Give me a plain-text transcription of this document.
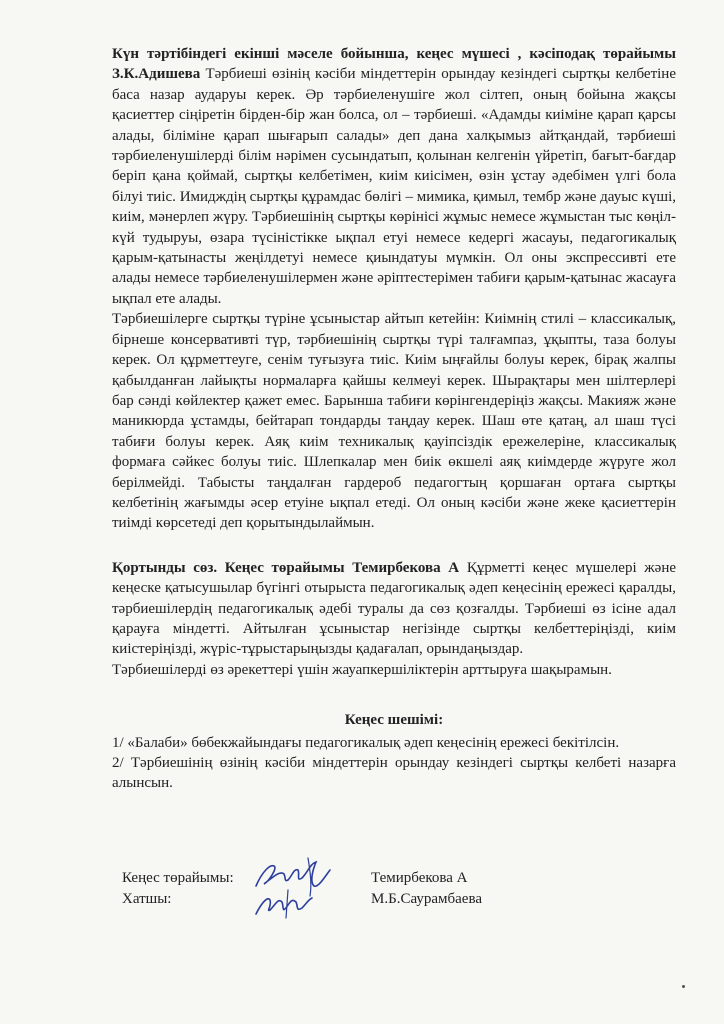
Күн тәртібіндегі екінші мәселе бойынша, кеңес мүшесі , кәсіподақ төрайымы З.К.Адишева Тәрбиеші өзінің кәсіби міндеттерін орындау кезіндегі сыртқы келбетіне баса назар аударуы керек. Әр тәрбиеленушіге жол сілтеп, оның бойына жақсы қасиеттер сіңіретін бірден-бір жан болса, ол – тәрбиеші. «Адамды киіміне қарап қарсы алады, біліміне қарап шығарып салады» деп дана халқымыз айтқандай, тәрбиеші тәрбиеленушілерді білім нәрімен сусындатып, қолынан келгенін үйретіп, бағыт-бағдар беріп қана қоймай, сыртқы келбетімен, киім киісімен, өзін ұстау әдебімен үлгі бола білуі тиіс. Имидждің сыртқы құрамдас бөлігі – мимика, қимыл, тембр және дауыс күші, киім, мәнерлеп жүру. Тәрбиешінің сыртқы көрінісі жұмыс немесе жұмыстан тыс көңіл-күй тудыруы, өзара түсіністікке ықпал етуі немесе кедергі жасауы, педагогикалық қарым-қатынасты жеңілдетуі немесе қиындатуы мүмкін. Ол оны экспрессивті ете алады немесе тәрбиеленушілермен және әріптестерімен табиғи қарым-қатынас жасауға ықпал ете алады.

Тәрбиешілерге сыртқы түріне ұсыныстар айтып кетейін: Киімнің стилі – классикалық, бірнеше консервативті түр, тәрбиешінің сыртқы түрі талғампаз, ұқыпты, таза болуы керек. Ол құрметтеуге, сенім туғызуға тиіс. Киім ыңғайлы болуы керек, бірақ жалпы қабылданған лайықты нормаларға қайшы келмеуі керек. Шырақтары мен шілтерлері бар сәнді көйлектер қажет емес. Барынша табиғи көрінгендеріңіз жақсы. Макияж және маникюрда ұстамды, бейтарап тондарды таңдау керек. Шаш өте қатаң, ал шаш түсі табиғи болуы керек. Аяқ киім техникалық қауіпсіздік ережелеріне, классикалық формаға сәйкес болуы тиіс. Шлепкалар мен биік өкшелі аяқ киімдерде жүруге жол берілмейді. Табысты таңдалған гардероб педагогтың қоршаған ортаға сыртқы келбетінің жағымды әсер етуіне ықпал етеді. Ол оның кәсіби және жеке қасиеттерін тиімді көрсетеді деп қорытындылаймын.

Қортынды сөз. Кеңес төрайымы Темирбекова А Құрметті кеңес мүшелері және кеңеске қатысушылар бүгінгі отырыста педагогикалық әдеп кеңесінің ережесі қаралды, тәрбиешілердің педагогикалық әдебі туралы да сөз қозғалды. Тәрбиеші өз ісіне адал қарауға міндетті. Айтылған ұсыныстар негізінде сыртқы келбеттеріңізді, киім киістеріңізді, жүріс-тұрыстарыңызды қадағалап, орындаңыздар.

Тәрбиешілерді өз әрекеттері үшін жауапкершіліктерін арттыруға шақырамын.

Кеңес шешімі:

1/ «Балаби» бөбекжайындағы педагогикалық әдеп кеңесінің ережесі бекітілсін.

2/ Тәрбиешінің өзінің кәсіби міндеттерін орындау кезіндегі сыртқы келбеті назарға алынсын.

Кеңес төрайымы:	Темирбекова А
Хатшы:	М.Б.Саурамбаева
